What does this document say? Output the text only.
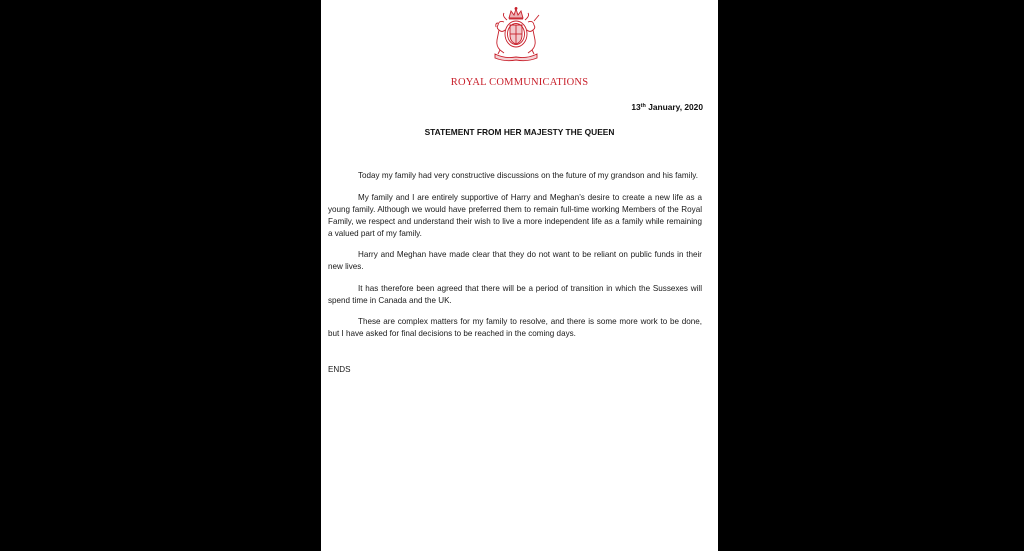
ROYAL COMMUNICATIONS
13th January, 2020
STATEMENT FROM HER MAJESTY THE QUEEN

Today my family had very constructive discussions on the future of my grandson and his family.

My family and I are entirely supportive of Harry and Meghan’s desire to create a new life as a young family. Although we would have preferred them to remain full-time working Members of the Royal Family, we respect and understand their wish to live a more independent life as a family while remaining a valued part of my family.

Harry and Meghan have made clear that they do not want to be reliant on public funds in their new lives.

It has therefore been agreed that there will be a period of transition in which the Sussexes will spend time in Canada and the UK.

These are complex matters for my family to resolve, and there is some more work to be done, but I have asked for final decisions to be reached in the coming days.

ENDS
